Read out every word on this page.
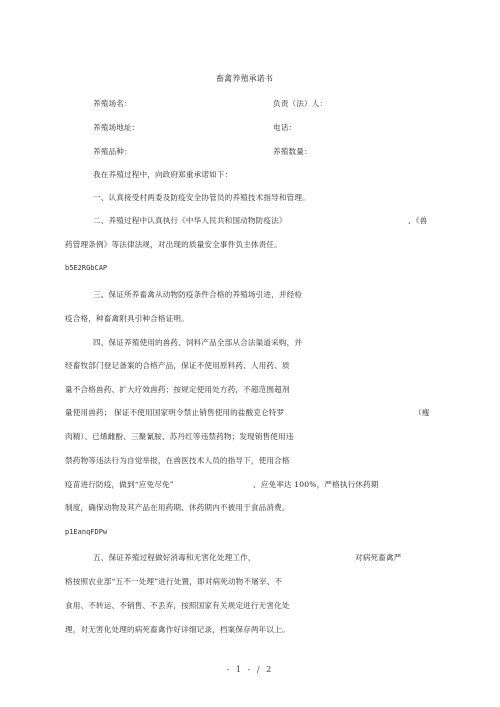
畜禽养殖承诺书
养殖场名：	负责（法）人：
养殖场地址：	电话：
养殖品种：	养殖数量：
我在养殖过程中，向政府郑重承诺如下：
一、认真接受村两委及防疫安全协管员的养殖技术指导和管理。
二、养殖过程中认真执行《中华人民共和国动物防疫法》	、《兽
药管理条例》等法律法规，对出现的质量安全事件负主体责任。
b5E2RGbCAP
三、保证所养畜禽从动物防疫条件合格的养殖场引进，并经检
疫合格，种畜禽附具引种合格证明。
四、保证养殖使用的兽药、饲料产品全部从合法渠道采购，并
经畜牧部门登记备案的合格产品，保证不使用原料药、人用药、质
量不合格兽药、扩大疗效兽药；按规定使用处方药，不超范围超剂
量使用兽药； 保证不使用国家明令禁止销售使用的盐酸克仑特罗	（瘦
肉精）、已烯雌酚、三聚氰胺、苏丹红等违禁药物；发现销售使用违
禁药物等违法行为自觉举报，在兽医技术人员的指导下，使用合格
疫苗进行防疫，做到“应免尽免”	、应免率达 100%，严格执行休药期
制度，确保动物及其产品在用药期、休药期内不被用于食品消费。
p1EanqFDPw
五、保证养殖过程做好消毒和无害化处理工作，	对病死畜禽严
格按照农业部“五不一处理”进行处置，即对病死动物不屠宰、不
食用、不转运、不销售、不丢弃，按照国家有关规定进行无害化处
理，对无害化处理的病死畜禽作好详细记录，档案保存两年以上。
- 1 - / 2
